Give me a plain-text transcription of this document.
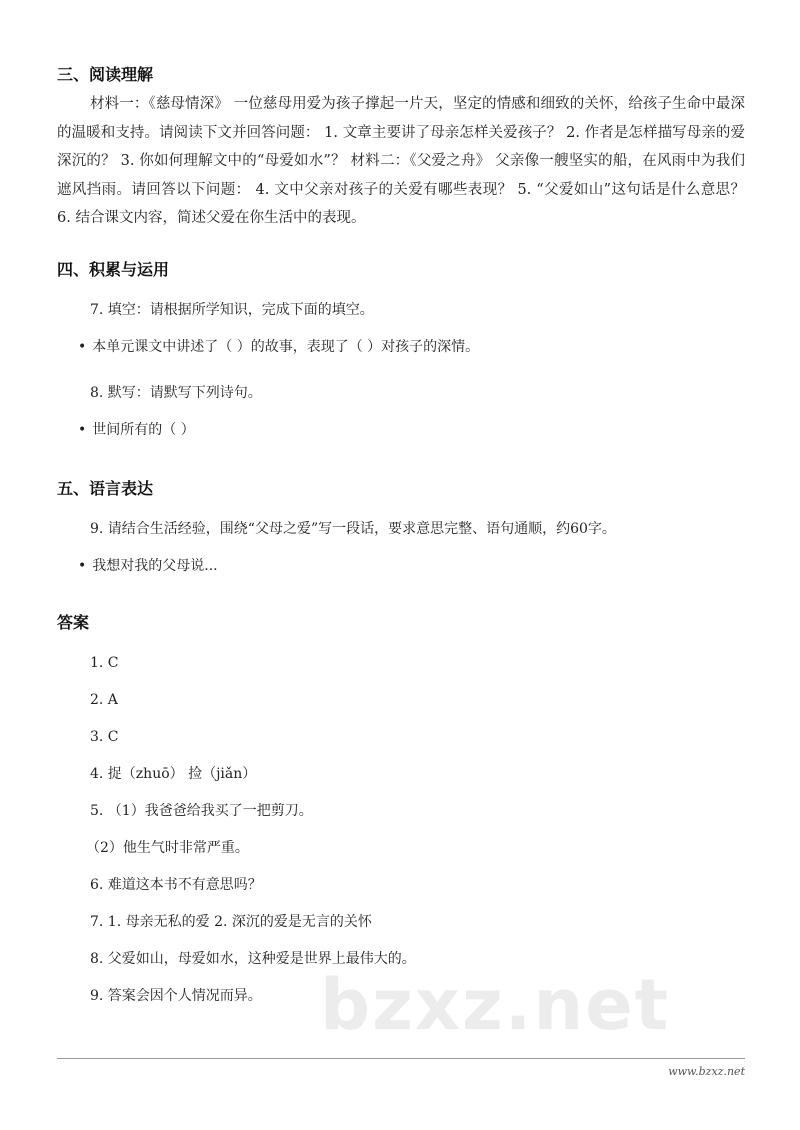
三、阅读理解
材料一：《慈母情深》 一位慈母用爱为孩子撑起一片天，坚定的情感和细致的关怀，给孩子生命中最深的温暖和支持。请阅读下文并回答问题： 1. 文章主要讲了母亲怎样关爱孩子？ 2. 作者是怎样描写母亲的爱深沉的？ 3. 你如何理解文中的“母爱如水”？ 材料二：《父爱之舟》 父亲像一艘坚实的船，在风雨中为我们遮风挡雨。请回答以下问题： 4. 文中父亲对孩子的关爱有哪些表现？ 5. “父爱如山”这句话是什么意思？ 6. 结合课文内容，简述父爱在你生活中的表现。
四、积累与运用
7. 填空：请根据所学知识，完成下面的填空。
• 本单元课文中讲述了（ ）的故事，表现了（ ）对孩子的深情。
8. 默写：请默写下列诗句。
• 世间所有的（ ）
五、语言表达
9. 请结合生活经验，围绕“父母之爱”写一段话，要求意思完整、语句通顺，约60字。
• 我想对我的父母说...
答案
1. C
2. A
3. C
4. 捉（zhuō） 捡（jiǎn）
5. （1）我爸爸给我买了一把剪刀。
（2）他生气时非常严重。
6. 难道这本书不有意思吗？
7. 1. 母亲无私的爱 2. 深沉的爱是无言的关怀
8. 父爱如山，母爱如水，这种爱是世界上最伟大的。
bzxz.net
9. 答案会因个人情况而异。
www.bzxz.net
